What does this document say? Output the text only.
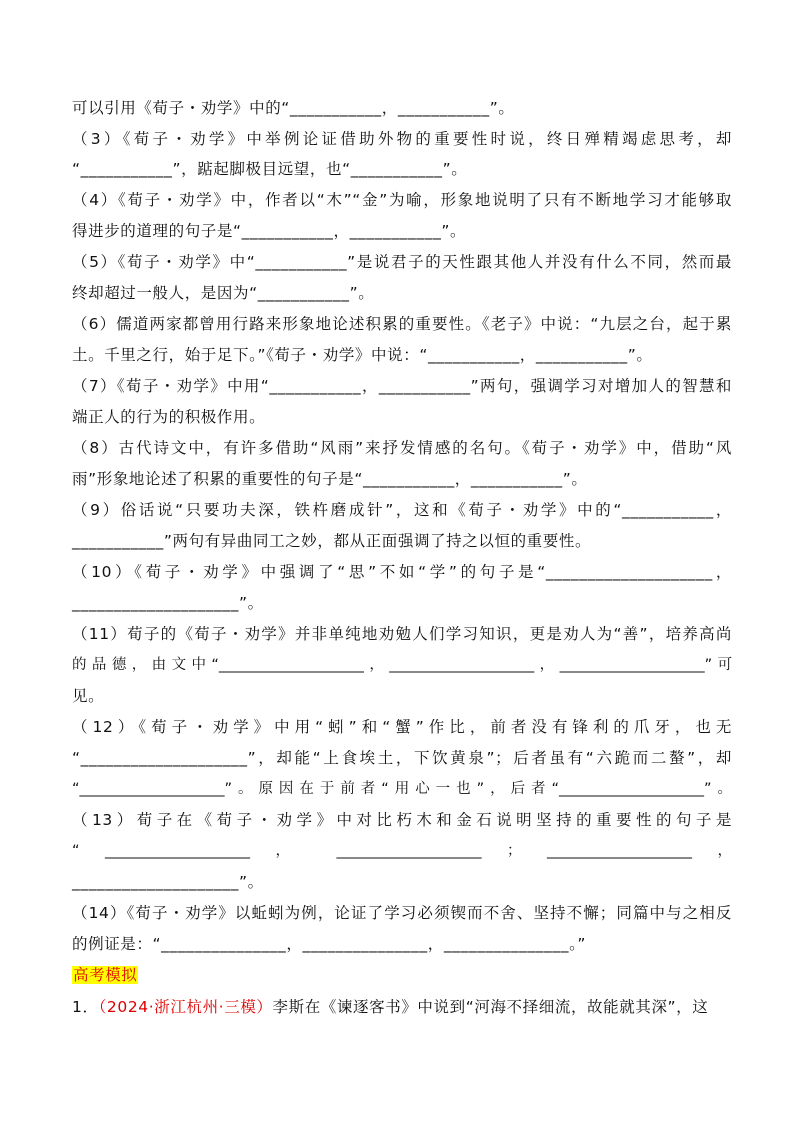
可以引用《荀子・劝学》中的“___________，___________”。
（3）《荀子・劝学》中举例论证借助外物的重要性时说，终日殚精竭虑思考，却
“___________”，踮起脚极目远望，也“___________”。
（4）《荀子・劝学》中，作者以“木”“金”为喻，形象地说明了只有不断地学习才能够取
得进步的道理的句子是“___________，___________”。
（5）《荀子・劝学》中“___________”是说君子的天性跟其他人并没有什么不同，然而最
终却超过一般人，是因为“___________”。
（6）儒道两家都曾用行路来形象地论述积累的重要性。《老子》中说：“九层之台，起于累
土。千里之行，始于足下。”《荀子・劝学》中说：“___________，___________”。
（7）《荀子・劝学》中用“___________，___________”两句，强调学习对增加人的智慧和
端正人的行为的积极作用。
（8）古代诗文中，有许多借助“风雨”来抒发情感的名句。《荀子・劝学》中，借助“风
雨”形象地论述了积累的重要性的句子是“___________，___________”。
（9）俗话说“只要功夫深，铁杵磨成针”，这和《荀子・劝学》中的“___________，
___________”两句有异曲同工之妙，都从正面强调了持之以恒的重要性。
（10）《荀子・劝学》中强调了“思”不如“学”的句子是“____________________，
____________________”。
（11）荀子的《荀子・劝学》并非单纯地劝勉人们学习知识，更是劝人为“善”，培养高尚
的品德，由文中“____________________，____________________，____________________”可
见。
（12）《荀子・劝学》中用“蚓”和“蟹”作比，前者没有锋利的爪牙，也无
“____________________”，却能“上食埃土，下饮黄泉”；后者虽有“六跪而二螯”，却
“____________________”。原因在于前者“用心一也”，后者“____________________”。
（13）荀子在《荀子・劝学》中对比朽木和金石说明坚持的重要性的句子是
“ ____________________ ， ____________________ ； ____________________ ，
____________________”。
（14）《荀子・劝学》以蚯蚓为例，论证了学习必须锲而不舍、坚持不懈；同篇中与之相反
的例证是：“_______________，_______________，_______________。”
高考模拟
1．（2024·浙江杭州·三模）李斯在《谏逐客书》中说到“河海不择细流，故能就其深”，这
